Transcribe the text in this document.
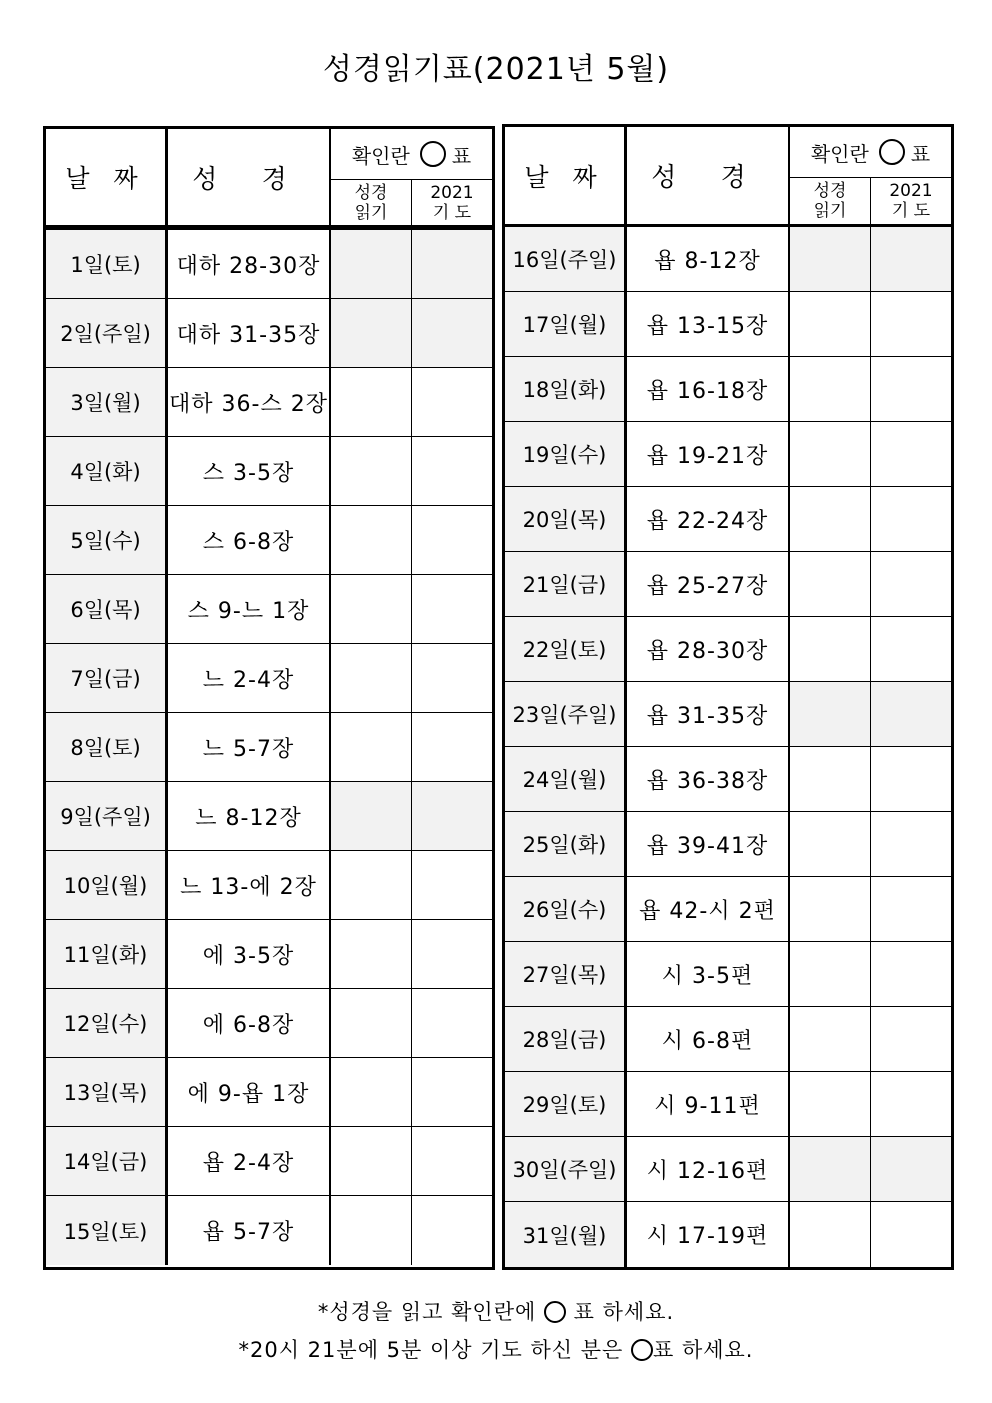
성경읽기표(2021년 5월)
날 짜	성 경
확인란 표
성경
읽기
2021
기 도
1일(토)	대하 28-30장
2일(주일)	대하 31-35장
3일(월)	대하 36-스 2장
4일(화)	스 3-5장
5일(수)	스 6-8장
6일(목)	스 9-느 1장
7일(금)	느 2-4장
8일(토)	느 5-7장
9일(주일)	느 8-12장
10일(월)	느 13-에 2장
11일(화)	에 3-5장
12일(수)	에 6-8장
13일(목)	에 9-욥 1장
14일(금)	욥 2-4장
15일(토)	욥 5-7장
날 짜	성 경
확인란 표
성경
읽기
2021
기 도
16일(주일)	욥 8-12장
17일(월)	욥 13-15장
18일(화)	욥 16-18장
19일(수)	욥 19-21장
20일(목)	욥 22-24장
21일(금)	욥 25-27장
22일(토)	욥 28-30장
23일(주일)	욥 31-35장
24일(월)	욥 36-38장
25일(화)	욥 39-41장
26일(수)	욥 42-시 2편
27일(목)	시 3-5편
28일(금)	시 6-8편
29일(토)	시 9-11편
30일(주일)	시 12-16편
31일(월)	시 17-19편
*성경을 읽고 확인란에 표 하세요.
*20시 21분에 5분 이상 기도 하신 분은 표 하세요.
